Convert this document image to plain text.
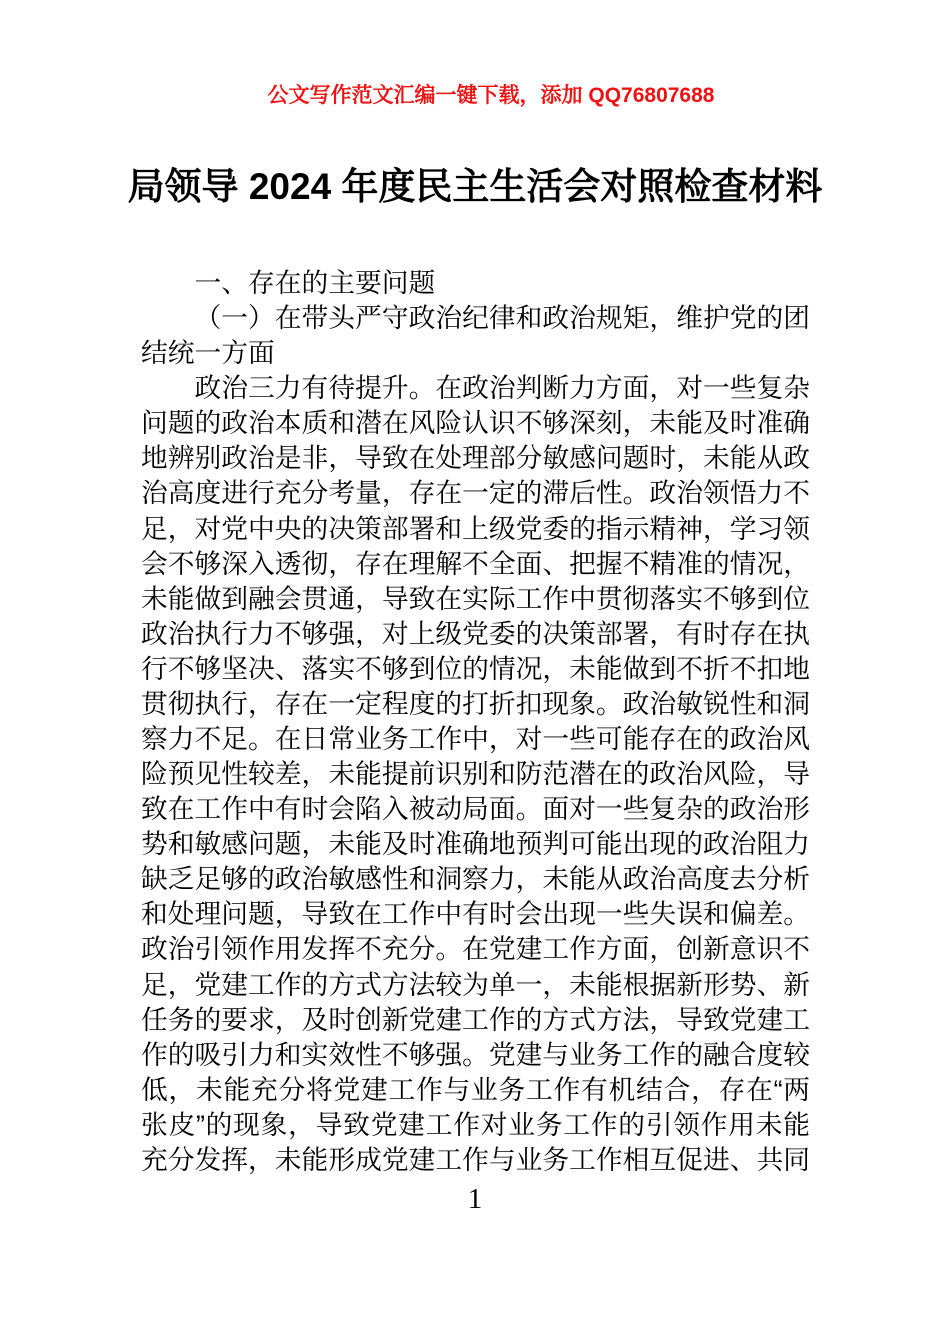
公文写作范文汇编一键下载，添加 QQ76807688
局领导 2024 年度民主生活会对照检查材料
一、存在的主要问题
（一）在带头严守政治纪律和政治规矩，维护党的团
结统一方面
政治三力有待提升。在政治判断力方面，对一些复杂
问题的政治本质和潜在风险认识不够深刻，未能及时准确
地辨别政治是非，导致在处理部分敏感问题时，未能从政
治高度进行充分考量，存在一定的滞后性。政治领悟力不
足，对党中央的决策部署和上级党委的指示精神，学习领
会不够深入透彻，存在理解不全面、把握不精准的情况，
未能做到融会贯通，导致在实际工作中贯彻落实不够到位
政治执行力不够强，对上级党委的决策部署，有时存在执
行不够坚决、落实不够到位的情况，未能做到不折不扣地
贯彻执行，存在一定程度的打折扣现象。政治敏锐性和洞
察力不足。在日常业务工作中，对一些可能存在的政治风
险预见性较差，未能提前识别和防范潜在的政治风险，导
致在工作中有时会陷入被动局面。面对一些复杂的政治形
势和敏感问题，未能及时准确地预判可能出现的政治阻力
缺乏足够的政治敏感性和洞察力，未能从政治高度去分析
和处理问题，导致在工作中有时会出现一些失误和偏差。
政治引领作用发挥不充分。在党建工作方面，创新意识不
足，党建工作的方式方法较为单一，未能根据新形势、新
任务的要求，及时创新党建工作的方式方法，导致党建工
作的吸引力和实效性不够强。党建与业务工作的融合度较
低，未能充分将党建工作与业务工作有机结合，存在“两
张皮”的现象，导致党建工作对业务工作的引领作用未能
充分发挥，未能形成党建工作与业务工作相互促进、共同
1
